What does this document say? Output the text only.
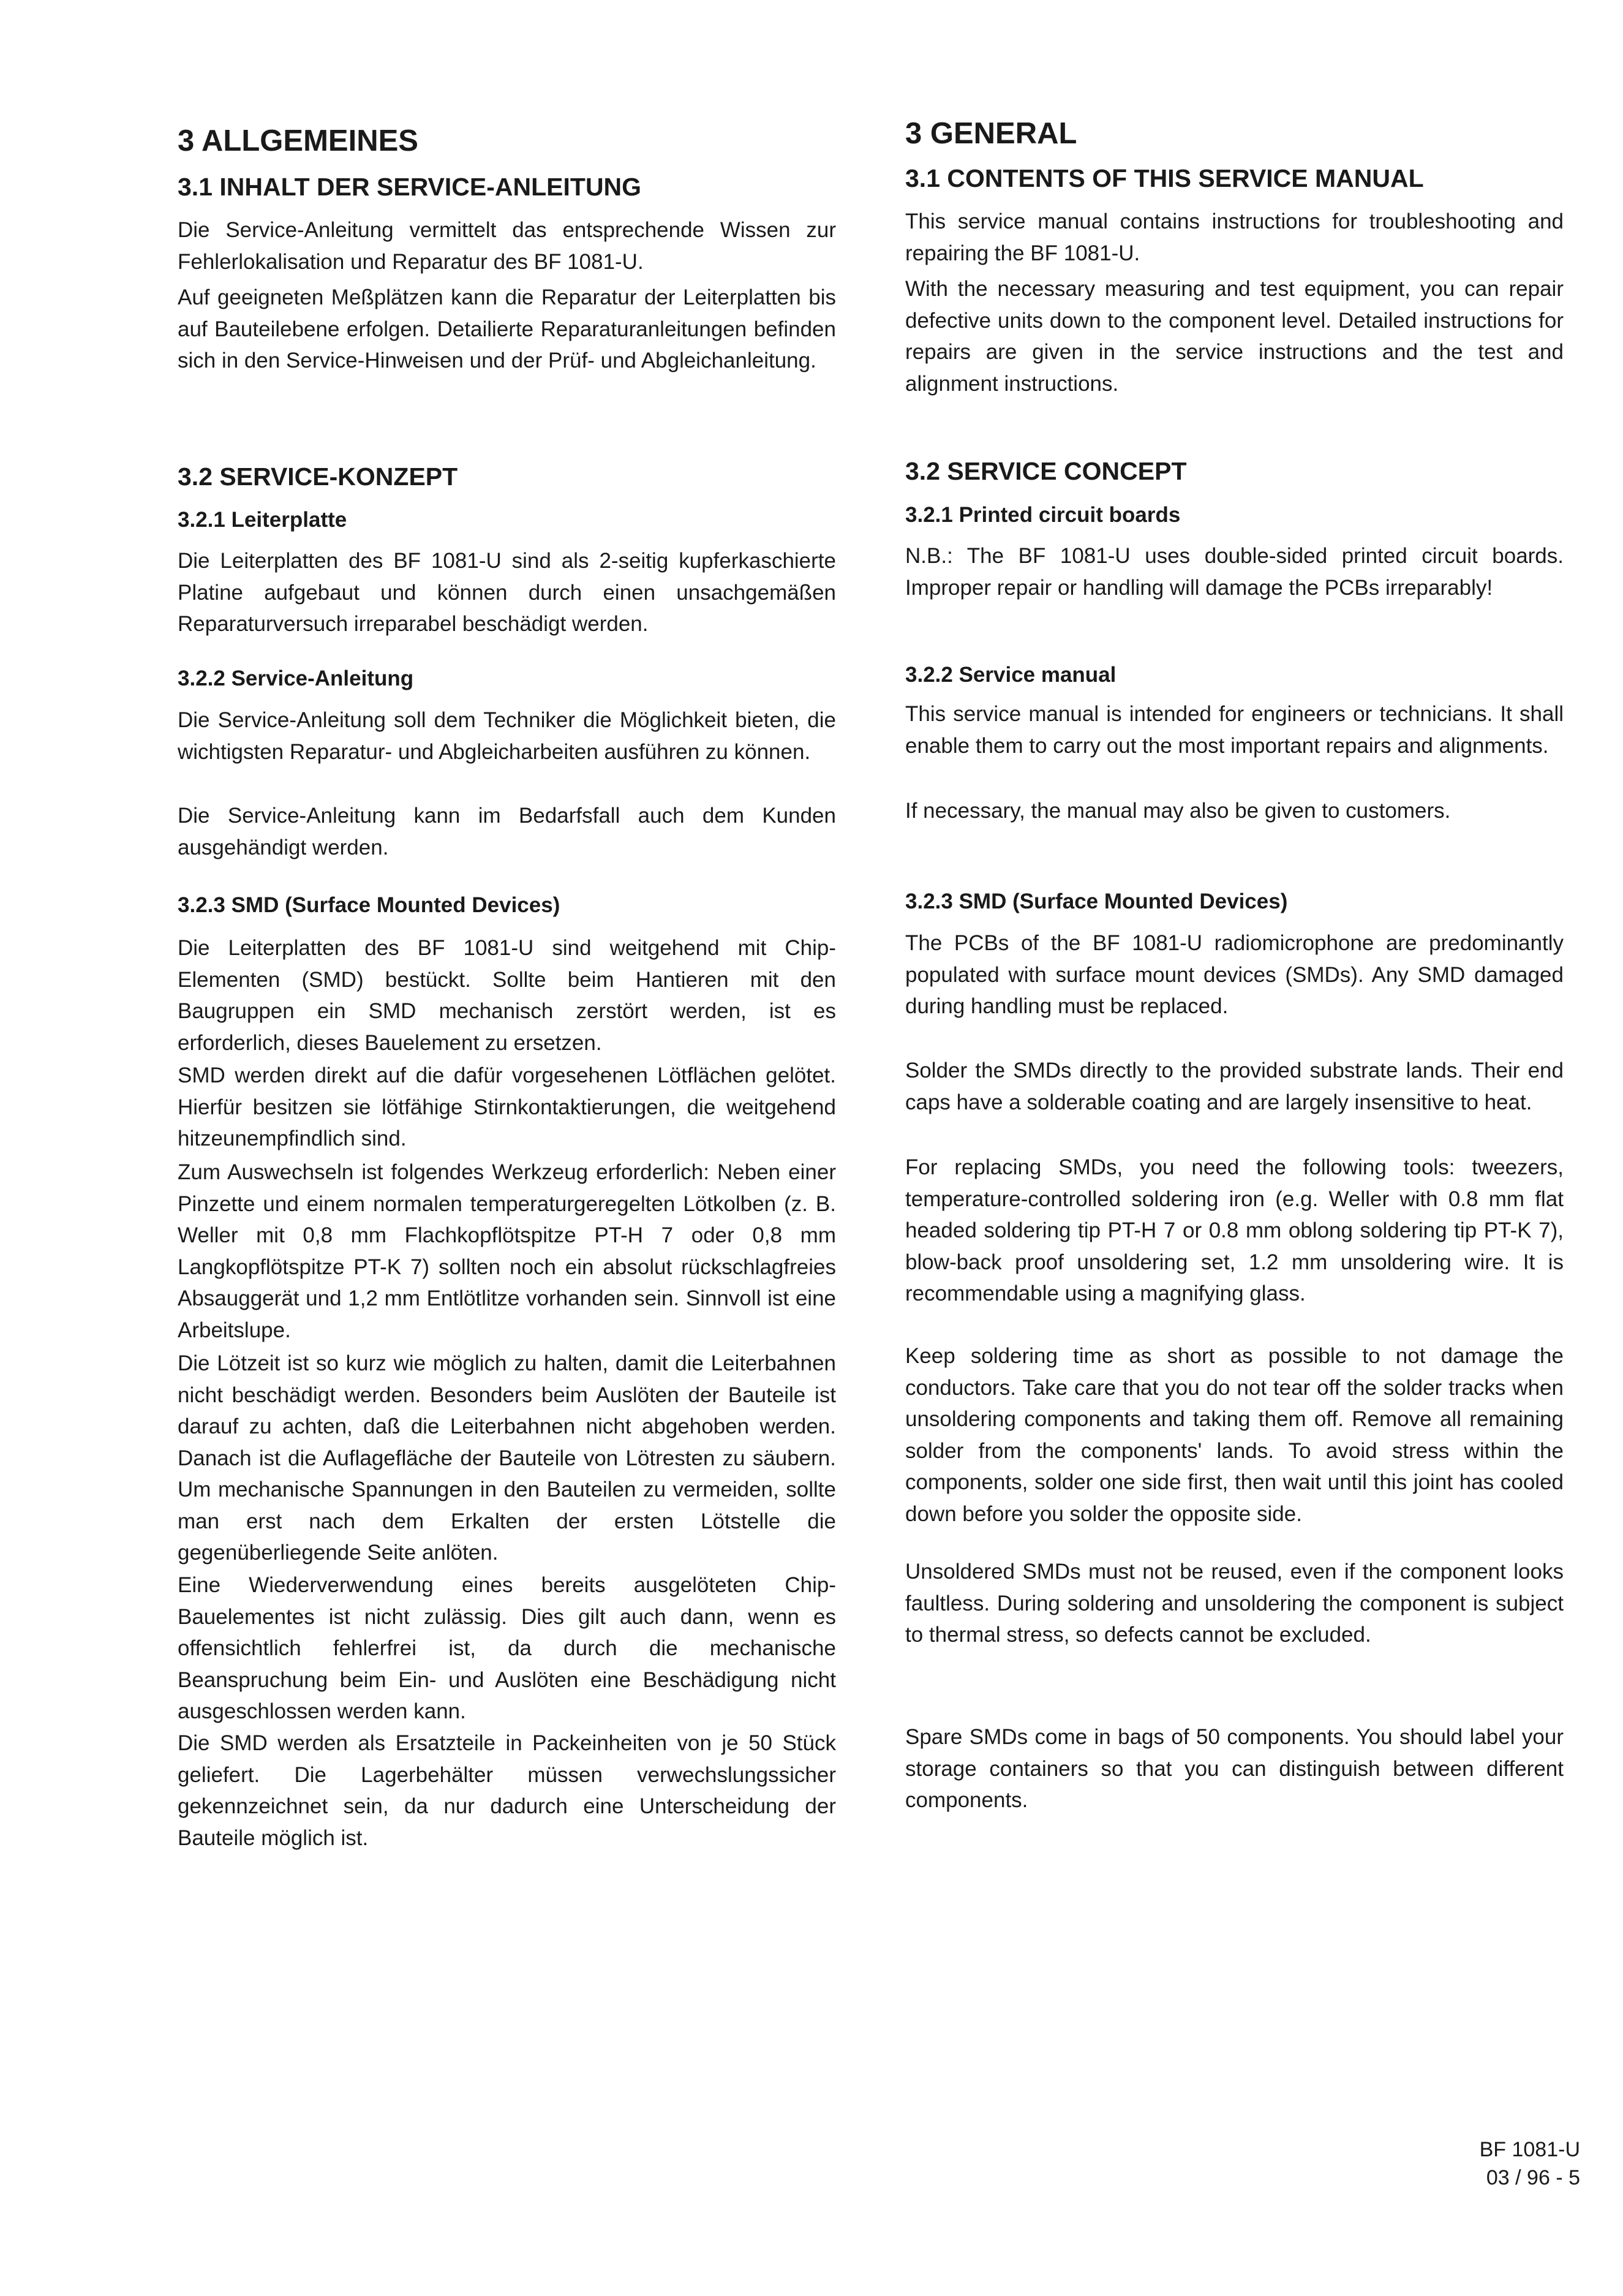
3 ALLGEMEINES
3.1 INHALT DER SERVICE-ANLEITUNG

Die Service-Anleitung vermittelt das entsprechende Wissen zur Fehlerlokalisation und Reparatur des BF 1081-U.

Auf geeigneten Meßplätzen kann die Reparatur der Leiterplatten bis auf Bauteilebene erfolgen. Detailierte Reparaturanleitungen befinden sich in den Service-Hinweisen und der Prüf- und Abgleichanleitung.

3.2 SERVICE-KONZEPT
3.2.1 Leiterplatte

Die Leiterplatten des BF 1081-U sind als 2-seitig kupferkaschierte Platine aufgebaut und können durch einen unsachgemäßen Reparaturversuch irreparabel beschädigt werden.

3.2.2 Service-Anleitung

Die Service-Anleitung soll dem Techniker die Möglichkeit bieten, die wichtigsten Reparatur- und Abgleicharbeiten ausführen zu können.

Die Service-Anleitung kann im Bedarfsfall auch dem Kunden ausgehändigt werden.

3.2.3 SMD (Surface Mounted Devices)

Die Leiterplatten des BF 1081-U sind weitgehend mit Chip-Elementen (SMD) bestückt. Sollte beim Hantieren mit den Baugruppen ein SMD mechanisch zerstört werden, ist es erforderlich, dieses Bauelement zu ersetzen.

SMD werden direkt auf die dafür vorgesehenen Lötflächen gelötet. Hierfür besitzen sie lötfähige Stirnkontaktierungen, die weitgehend hitzeunempfindlich sind.

Zum Auswechseln ist folgendes Werkzeug erforderlich: Neben einer Pinzette und einem normalen temperaturgeregelten Lötkolben (z. B. Weller mit 0,8 mm Flachkopflötspitze PT-H 7 oder 0,8 mm Langkopflötspitze PT-K 7) sollten noch ein absolut rückschlagfreies Absauggerät und 1,2 mm Entlötlitze vorhanden sein. Sinnvoll ist eine Arbeitslupe.

Die Lötzeit ist so kurz wie möglich zu halten, damit die Leiterbahnen nicht beschädigt werden. Besonders beim Auslöten der Bauteile ist darauf zu achten, daß die Leiterbahnen nicht abgehoben werden. Danach ist die Auflagefläche der Bauteile von Lötresten zu säubern. Um mechanische Spannungen in den Bauteilen zu vermeiden, sollte man erst nach dem Erkalten der ersten Lötstelle die gegenüberliegende Seite anlöten.

Eine Wiederverwendung eines bereits ausgelöteten Chip-Bauelementes ist nicht zulässig. Dies gilt auch dann, wenn es offensichtlich fehlerfrei ist, da durch die mechanische Beanspruchung beim Ein- und Auslöten eine Beschädigung nicht ausgeschlossen werden kann.

Die SMD werden als Ersatzteile in Packeinheiten von je 50 Stück geliefert. Die Lagerbehälter müssen verwechslungssicher gekennzeichnet sein, da nur dadurch eine Unterscheidung der Bauteile möglich ist.

3 GENERAL
3.1 CONTENTS OF THIS SERVICE MANUAL

This service manual contains instructions for troubleshooting and repairing the BF 1081-U.

With the necessary measuring and test equipment, you can repair defective units down to the component level. Detailed instructions for repairs are given in the service instructions and the test and alignment instructions.

3.2 SERVICE CONCEPT
3.2.1 Printed circuit boards

N.B.: The BF 1081-U uses double-sided printed circuit boards. Improper repair or handling will damage the PCBs irreparably!

3.2.2 Service manual

This service manual is intended for engineers or technicians. It shall enable them to carry out the most important repairs and alignments.

If necessary, the manual may also be given to customers.

3.2.3 SMD (Surface Mounted Devices)

The PCBs of the BF 1081-U radiomicrophone are predominantly populated with surface mount devices (SMDs). Any SMD damaged during handling must be replaced.

Solder the SMDs directly to the provided substrate lands. Their end caps have a solderable coating and are largely insensitive to heat.

For replacing SMDs, you need the following tools: tweezers, temperature-controlled soldering iron (e.g. Weller with 0.8 mm flat headed soldering tip PT-H 7 or 0.8 mm oblong soldering tip PT-K 7), blow-back proof unsoldering set, 1.2 mm unsoldering wire. It is recommendable using a magnifying glass.

Keep soldering time as short as possible to not damage the conductors. Take care that you do not tear off the solder tracks when unsoldering components and taking them off. Remove all remaining solder from the components' lands. To avoid stress within the components, solder one side first, then wait until this joint has cooled down before you solder the opposite side.

Unsoldered SMDs must not be reused, even if the component looks faultless. During soldering and unsoldering the component is subject to thermal stress, so defects cannot be excluded.

Spare SMDs come in bags of 50 components. You should label your storage containers so that you can distinguish between different components.

BF 1081-U
03 / 96 - 5
